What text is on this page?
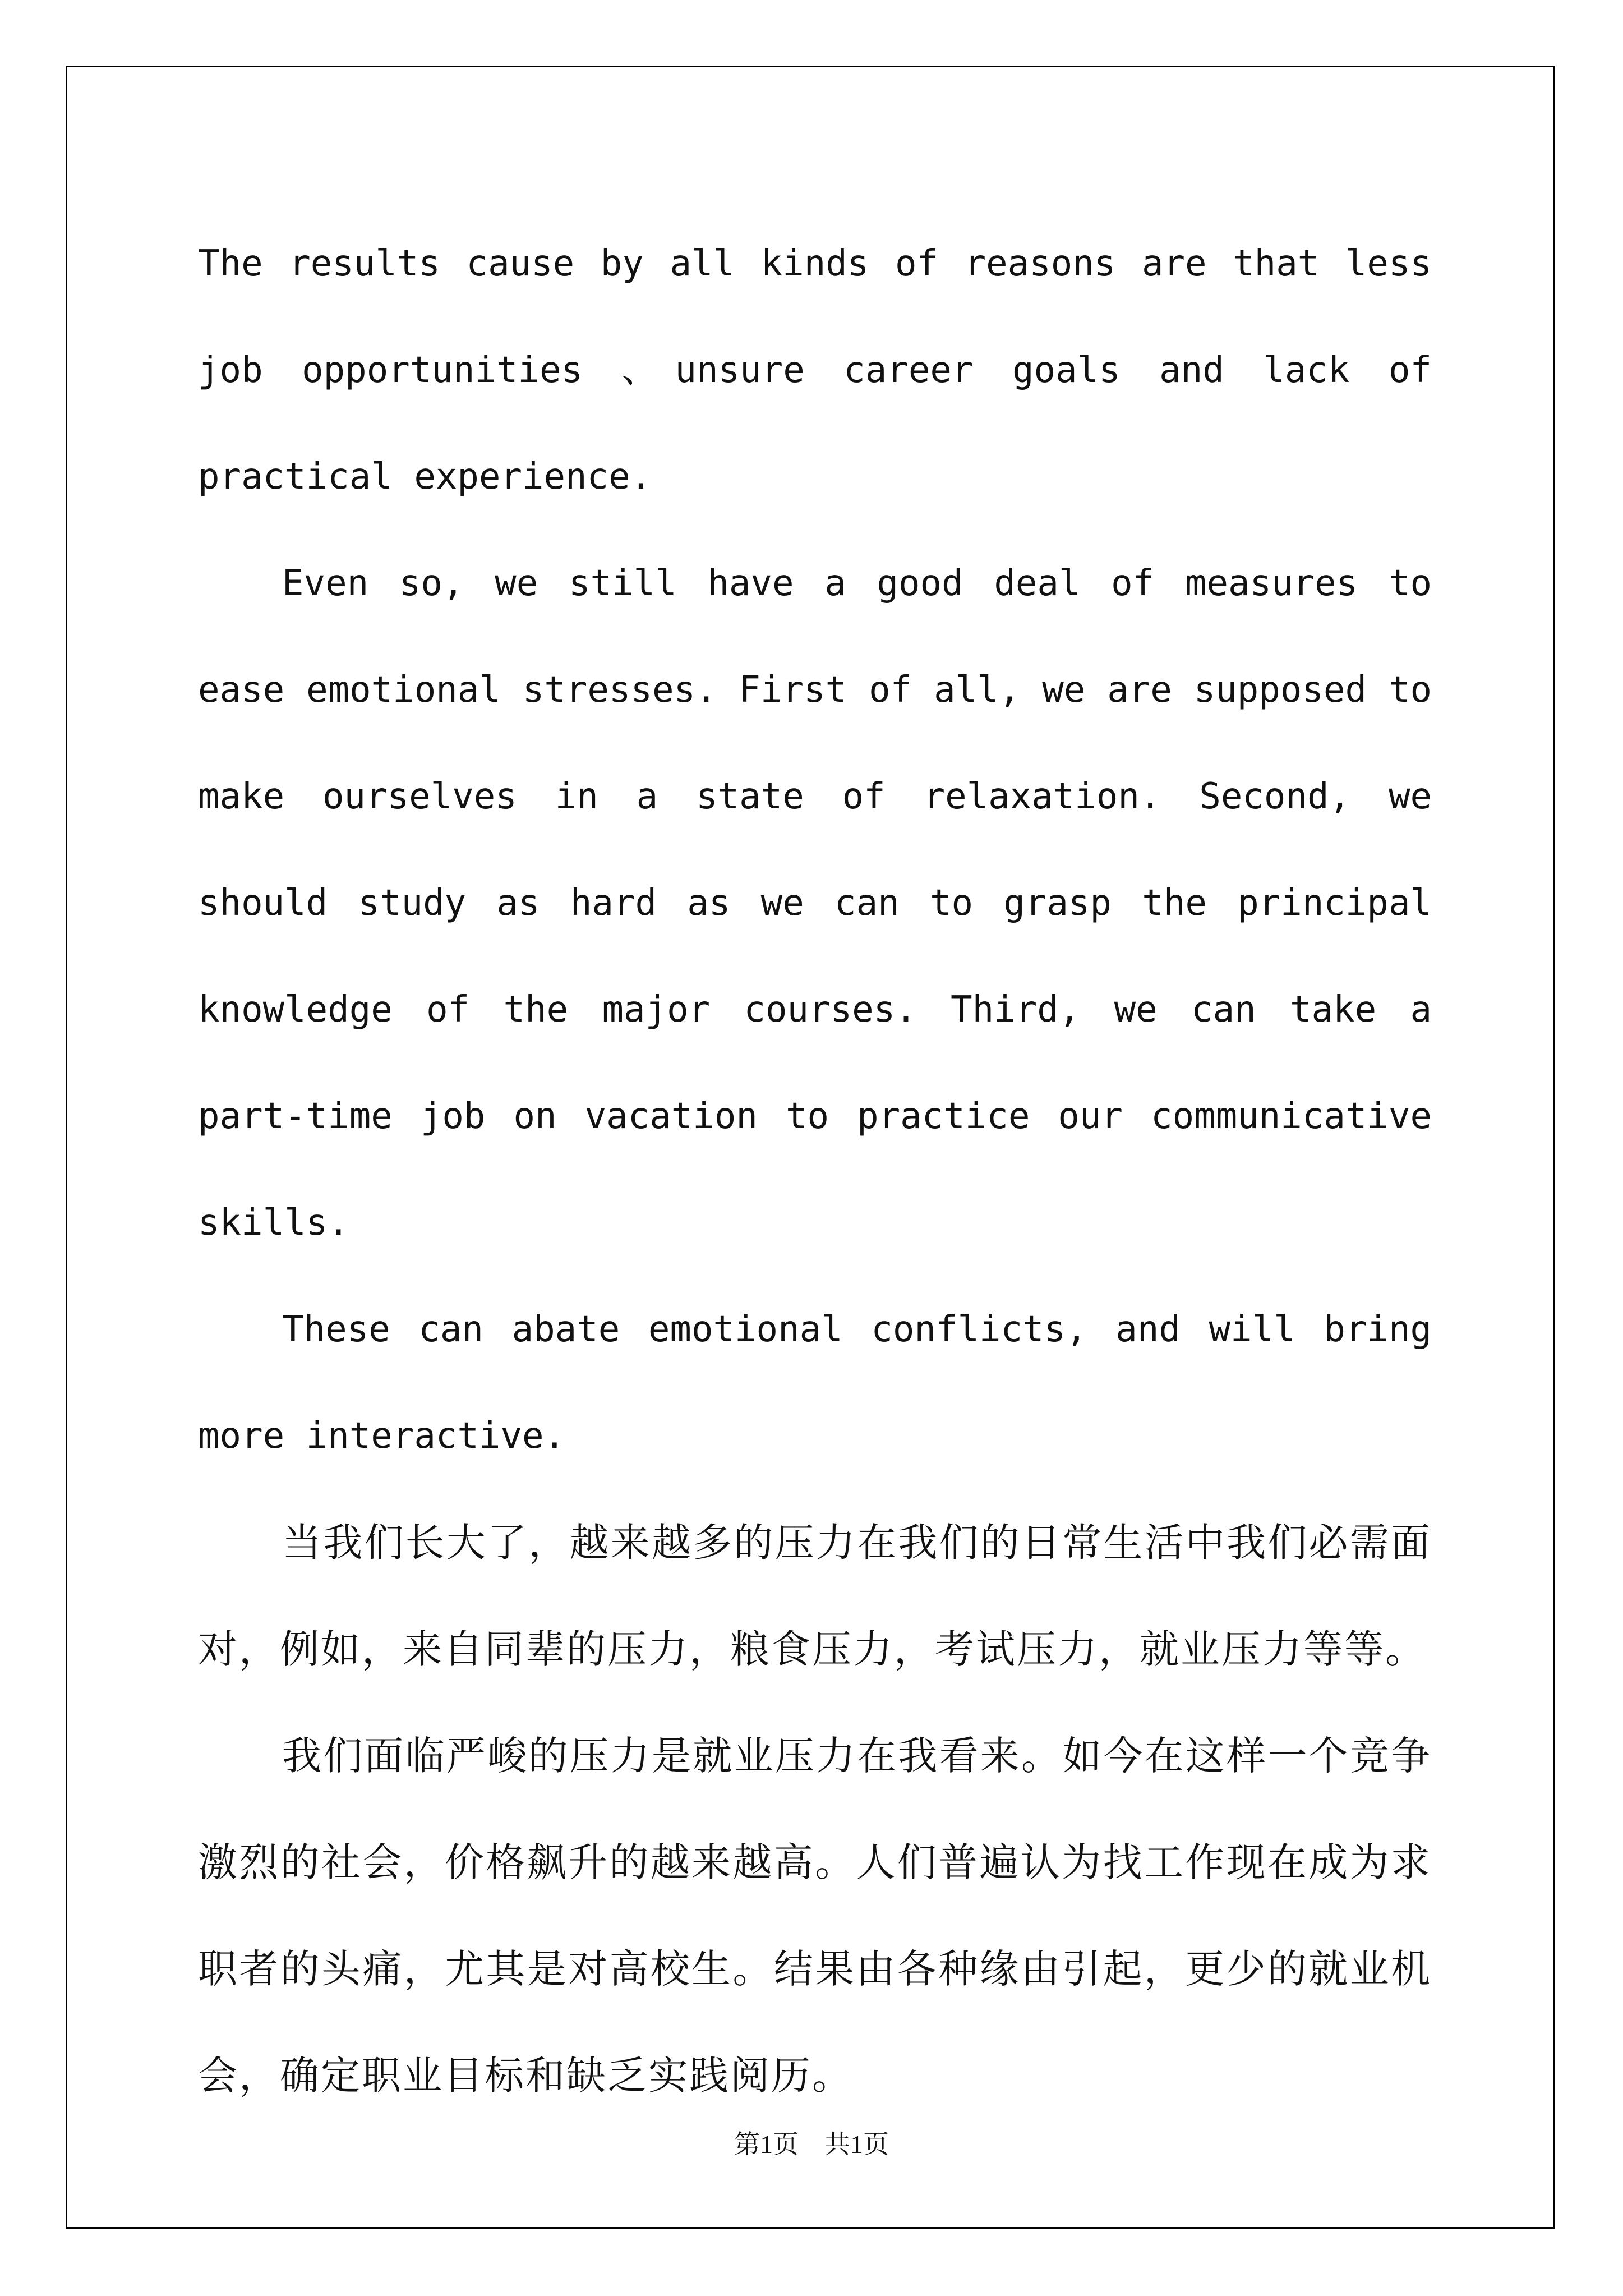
The results cause by all kinds of reasons are that less job opportunities 、unsure career goals and lack of practical experience.

Even so, we still have a good deal of measures to ease emotional stresses. First of all, we are supposed to make ourselves in a state of relaxation. Second, we should study as hard as we can to grasp the principal knowledge of the major courses. Third, we can take a part-time job on vacation to practice our communicative skills.

These can abate emotional conflicts, and will bring more interactive.

当我们长大了，越来越多的压力在我们的日常生活中我们必需面对，例如，来自同辈的压力，粮食压力，考试压力，就业压力等等。

我们面临严峻的压力是就业压力在我看来。如今在这样一个竞争激烈的社会，价格飙升的越来越高。人们普遍认为找工作现在成为求职者的头痛，尤其是对高校生。结果由各种缘由引起，更少的就业机会，确定职业目标和缺乏实践阅历。

第1页　共1页
